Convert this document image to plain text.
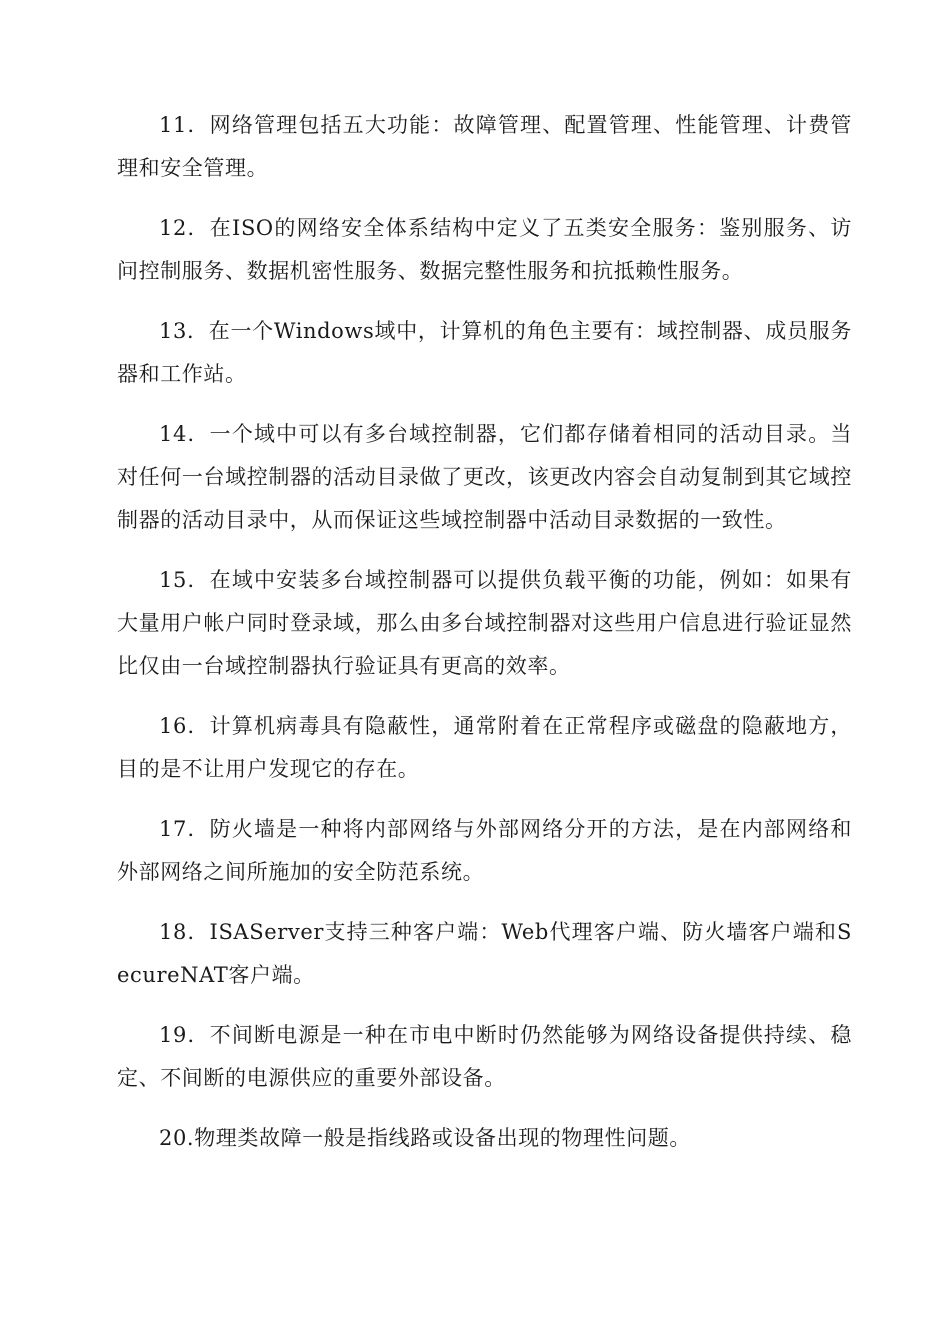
11．网络管理包括五大功能：故障管理、配置管理、性能管理、计费管理和安全管理。

12．在ISO的网络安全体系结构中定义了五类安全服务：鉴别服务、访问控制服务、数据机密性服务、数据完整性服务和抗抵赖性服务。

13．在一个Windows域中，计算机的角色主要有：域控制器、成员服务器和工作站。

14．一个域中可以有多台域控制器，它们都存储着相同的活动目录。当对任何一台域控制器的活动目录做了更改，该更改内容会自动复制到其它域控制器的活动目录中，从而保证这些域控制器中活动目录数据的一致性。

15．在域中安装多台域控制器可以提供负载平衡的功能，例如：如果有大量用户帐户同时登录域，那么由多台域控制器对这些用户信息进行验证显然比仅由一台域控制器执行验证具有更高的效率。

16．计算机病毒具有隐蔽性，通常附着在正常程序或磁盘的隐蔽地方，目的是不让用户发现它的存在。

17．防火墙是一种将内部网络与外部网络分开的方法，是在内部网络和外部网络之间所施加的安全防范系统。

18．ISAServer支持三种客户端：Web代理客户端、防火墙客户端和SecureNAT客户端。

19．不间断电源是一种在市电中断时仍然能够为网络设备提供持续、稳定、不间断的电源供应的重要外部设备。

20.物理类故障一般是指线路或设备出现的物理性问题。
